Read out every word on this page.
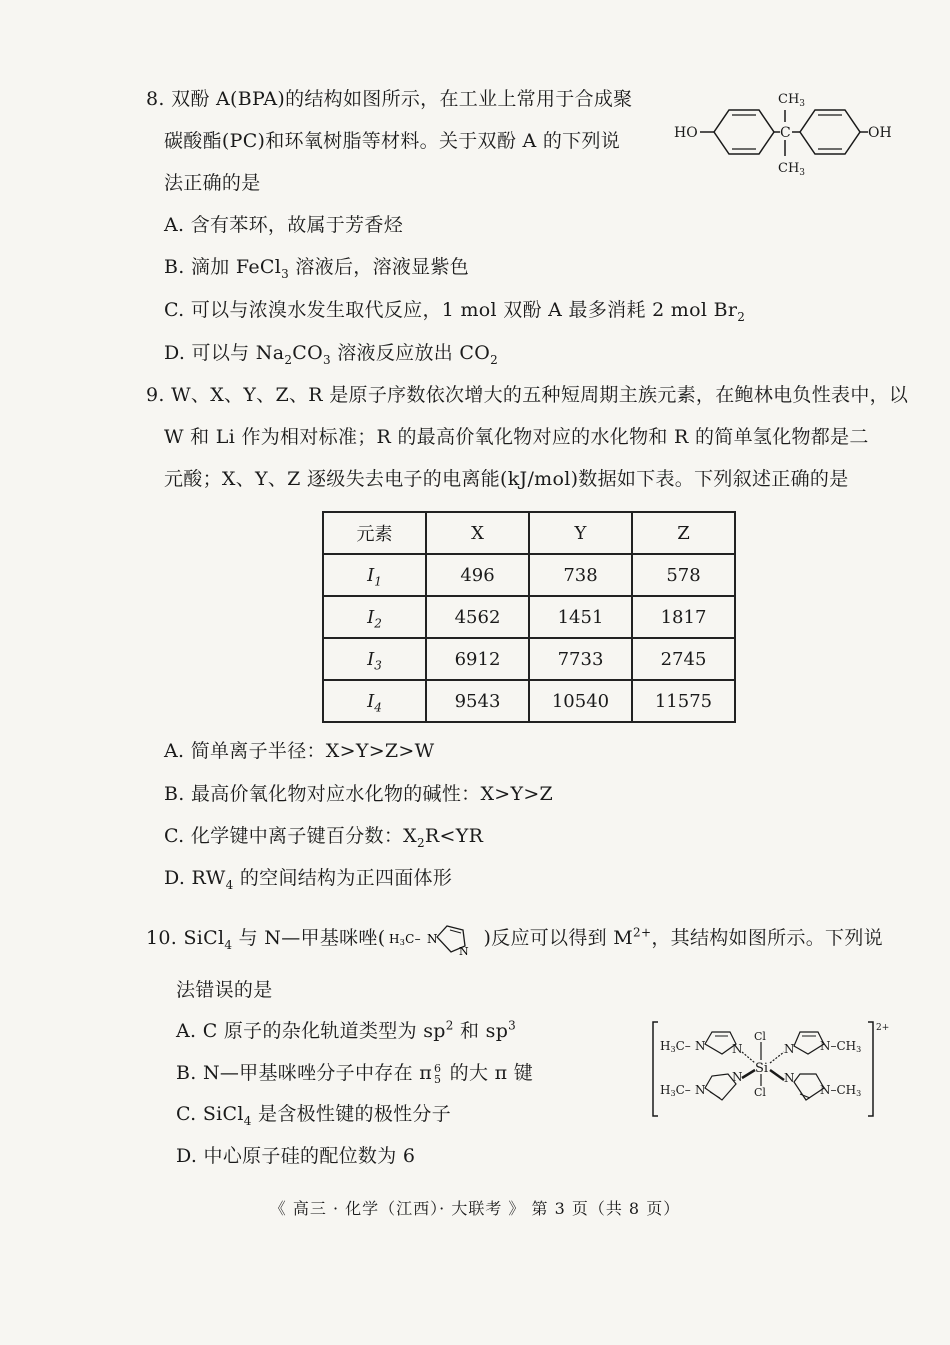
8. 双酚 A(BPA)的结构如图所示，在工业上常用于合成聚
碳酸酯(PC)和环氧树脂等材料。关于双酚 A 的下列说
法正确的是
HO	C
$CH_3$
$CH_3$
OH
A. 含有苯环，故属于芳香烃
B. 滴加 FeCl$_3$ 溶液后，溶液显紫色
C. 可以与浓溴水发生取代反应，1 mol 双酚 A 最多消耗 2 mol $Br_2$
D. 可以与 $Na_2CO_3$ 溶液反应放出 $CO_2$
9. W、X、Y、Z、R 是原子序数依次增大的五种短周期主族元素，在鲍林电负性表中，以
W 和 Li 作为相对标准；R 的最高价氧化物对应的水化物和 R 的简单氢化物都是二
元酸；X、Y、Z 逐级失去电子的电离能(kJ/mol)数据如下表。下列叙述正确的是
元素	X	Y	Z
$I_1$	496	738	578
$I_2$	4562	1451	1817
$I_3$	6912	7733	2745
$I_4$	9543	10540	11575
A. 简单离子半径：X>Y>Z>W
B. 最高价氧化物对应水化物的碱性：X>Y>Z
C. 化学键中离子键百分数：$X_2R<YR$
D. $RW_4$ 的空间结构为正四面体形
10. SiCl$_4$ 与 N—甲基咪唑( H3C– N
N
)反应可以得到 $M^{2+}$，其结构如图所示。下列说
法错误的是
A. C 原子的杂化轨道类型为 $sp^2$ 和 $sp^3$
B. N—甲基咪唑分子中存在 π 6
5 的大 π 键
C. SiCl$_4$ 是含极性键的极性分子
D. 中心原子硅的配位数为 6
2+
H3C– N N
H3C– N
N
Si
Cl
Cl
N N–CH3
N
N–CH3
《 高三 · 化学（江西）· 大联考 》 第 3 页（共 8 页）
